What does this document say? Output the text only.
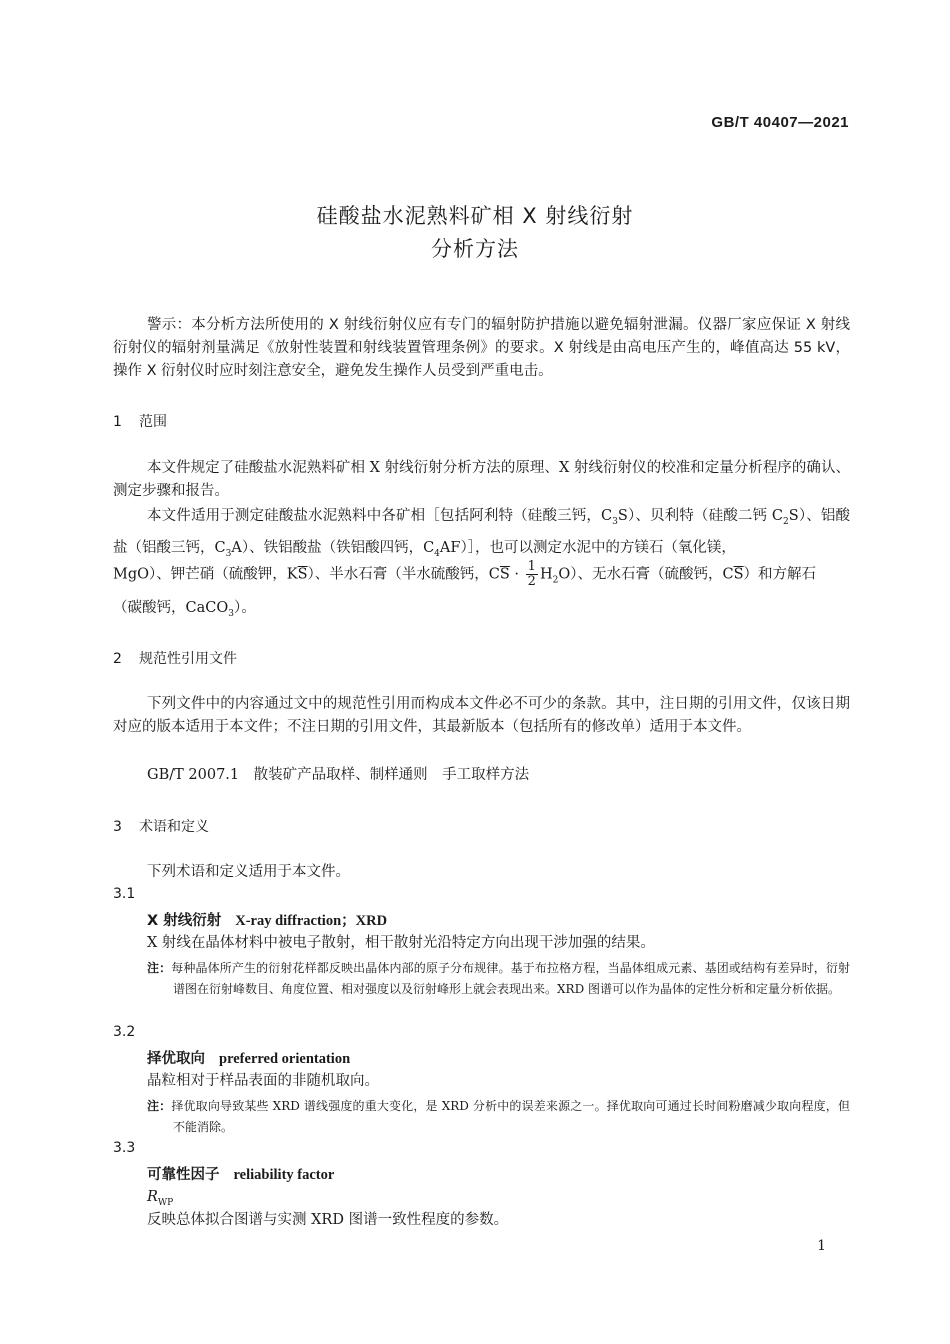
GB/T 40407—2021
硅酸盐水泥熟料矿相 X 射线衍射
分析方法
警示：本分析方法所使用的 X 射线衍射仪应有专门的辐射防护措施以避免辐射泄漏。仪器厂家应保证 X 射线衍射仪的辐射剂量满足《放射性装置和射线装置管理条例》的要求。X 射线是由高电压产生的，峰值高达 55 kV，操作 X 衍射仪时应时刻注意安全，避免发生操作人员受到严重电击。
1 范围
本文件规定了硅酸盐水泥熟料矿相 X 射线衍射分析方法的原理、X 射线衍射仪的校准和定量分析程序的确认、测定步骤和报告。
本文件适用于测定硅酸盐水泥熟料中各矿相［包括阿利特（硅酸三钙，$C_3S$）、贝利特（硅酸二钙 $C_2S$）、铝酸盐（铝酸三钙，$C_3A$）、铁铝酸盐（铁铝酸四钙，$C_4AF)]$，也可以测定水泥中的方镁石（氧化镁，
MgO）、钾芒硝（硫酸钾，$K\overline{S}$）、半水石膏（半水硫酸钙，$C\overline{S} \cdot \frac{1}{2} H_2O$）、无水石膏（硫酸钙，$C\overline{S}$）和方解石
（碳酸钙，CaCO$_3$）。
2 规范性引用文件
下列文件中的内容通过文中的规范性引用而构成本文件必不可少的条款。其中，注日期的引用文件，仅该日期对应的版本适用于本文件；不注日期的引用文件，其最新版本（包括所有的修改单）适用于本文件。
GB/T 2007.1　散装矿产品取样、制样通则　手工取样方法
3 术语和定义
下列术语和定义适用于本文件。
3.1
X 射线衍射 X-ray diffraction；XRD
X 射线在晶体材料中被电子散射，相干散射光沿特定方向出现干涉加强的结果。
注：每种晶体所产生的衍射花样都反映出晶体内部的原子分布规律。基于布拉格方程，当晶体组成元素、基团或结构有差异时，衍射谱图在衍射峰数目、角度位置、相对强度以及衍射峰形上就会表现出来。XRD 图谱可以作为晶体的定性分析和定量分析依据。
3.2
择优取向 preferred orientation
晶粒相对于样品表面的非随机取向。
注：择优取向导致某些 XRD 谱线强度的重大变化，是 XRD 分析中的误差来源之一。择优取向可通过长时间粉磨减少取向程度，但不能消除。
3.3
可靠性因子 reliability factor
$R_{WP}$
反映总体拟合图谱与实测 XRD 图谱一致性程度的参数。
1
